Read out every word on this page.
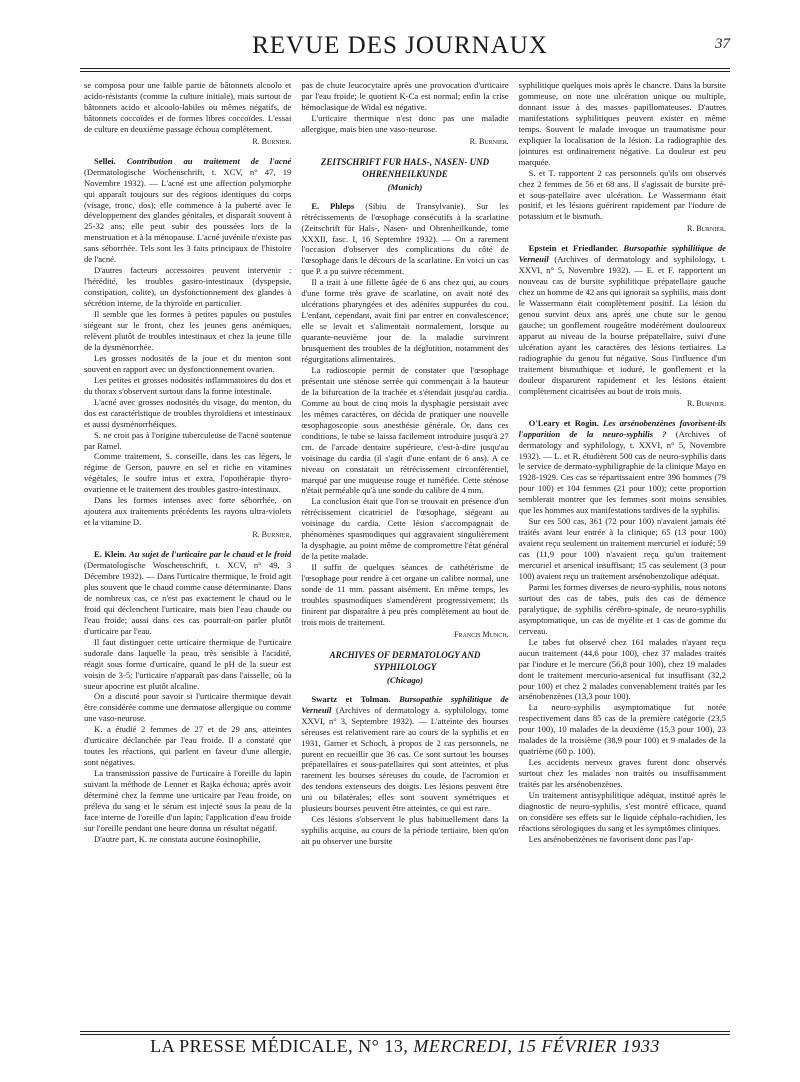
REVUE DES JOURNAUX	37

se composa pour une faible partie de bâtonnets alcoolo et acido-résistants (comme la culture initiale), mais surtout de bâtonnets acido et alcoolo-labiles ou mêmes négatifs, de bâtonnets coccoïdes et de formes libres coccoïdes. L'essai de culture en deuxième passage échoua complètement.

R. Burnier.

Sellei. Contribution au traitement de l'acné (Dermatologische Wochenschrift, t. XCV, n° 47, 19 Novembre 1932). — L'acné est une affection polymorphe qui apparaît toujours sur des régions identiques du corps (visage, tronc, dos); elle commence à la puberté avec le développement des glandes génitales, et disparaît souvent à 25-32 ans; elle peut subir des poussées lors de la menstruation et à la ménopause. L'acné juvénile n'existe pas sans séborrhée. Tels sont les 3 faits principaux de l'histoire de l'acné.

D'autres facteurs accessoires peuvent intervenir : l'hérédité, les troubles gastro-intestinaux (dyspepsie, constipation, colite), un dysfonctionnement des glandes à sécrétion interne, de la thyroïde en particulier.

Il semble que les formes à petites papules ou pustules siégeant sur le front, chez les jeunes gens anémiques, relèvent plutôt de troubles intestinaux et chez la jeune fille de la dysménorrhée.

Les grosses nodosités de la joue et du menton sont souvent en rapport avec un dysfonctionnement ovarien.

Les petites et grosses nodosités inflammatoires du dos et du thorax s'observent surtout dans la forme intestinale.

L'acné avec grosses nodosités du visage, du menton, du dos est caractéristique de troubles thyroïdiens et intestinaux et aussi dysménorrhéiques.

S. ne croit pas à l'origine tuberculeuse de l'acné soutenue par Ramel.

Comme traitement, S. conseille, dans les cas légers, le régime de Gerson, pauvre en sel et riche en vitamines végétales, le soufre intus et extra, l'opothérapie thyro-ovarienne et le traitement des troubles gastro-intestinaux.

Dans les formes intenses avec forte séborrhée, on ajoutera aux traitements précédents les rayons ultra-violets et la vitamine D.

R. Burnier.

E. Klein. Au sujet de l'urticaire par le chaud et le froid (Dermatologische Woschenschrift, t. XCV, n° 49, 3 Décembre 1932). — Dans l'urticaire thermique, le froid agit plus souvent que le chaud comme cause déterminante. Dans de nombreux cas, ce n'est pas exactement le chaud ou le froid qui déclenchent l'urticaire, mais bien l'eau chaude ou l'eau froide; aussi dans ces cas pourrait-on parler plutôt d'urticaire par l'eau.

Il faut distinguer cette urticaire thermique de l'urticaire sudorale dans laquelle la peau, très sensible à l'acidité, réagit sous forme d'urticaire, quand le pH de la sueur est voisin de 3-5; l'urticaire n'apparaît pas dans l'aisselle, où la sueur apocrine est plutôt alcaline.

On a discuté pour savoir si l'urticaire thermique devait être considérée comme une dermatose allergique ou comme une vaso-neurose.

K. a étudié 2 femmes de 27 et de 29 ans, atteintes d'urticaire déclanchée par l'eau froide. Il a constaté que toutes les réactions, qui parlent en faveur d'une allergie, sont négatives.

La transmission passive de l'urticaire à l'oreille du lapin suivant la méthode de Lenner et Rajka échoua; après avoir déterminé chez la femme une urticaire par l'eau froide, on préleva du sang et le sérum est injecté sous la peau de la face interne de l'oreille d'un lapin; l'application d'eau froide sur l'oreille pendant une heure donna un résultat négatif.

D'autre part, K. ne constata aucune éosinophilie,

pas de chute leucocytaire après une provocation d'urticaire par l'eau froide; le quotient K-Ca est normal; enfin la crise hémoclasique de Widal est négative.

L'urticaire thermique n'est donc pas une maladie allergique, mais bien une vaso-neurose.

R. Burnier.

ZEITSCHRIFT FUR HALS-, NASEN- UND OHRENHEILKUNDE

(Munich)

E. Phleps (Sibiu de Transylvanie). Sur les rétrécissements de l'œsophage consécutifs à la scarlatine (Zeitschrift für Hals-, Nasen- und Ohrenheilkunde, tome XXXII, fasc. I, 16 Septembre 1932). — On a rarement l'occasion d'observer des complications du côté de l'œsophage dans le décours de la scarlatine. En voici un cas que P. a pu suivre récemment.

Il a trait à une fillette âgée de 6 ans chez qui, au cours d'une forme très grave de scarlatine, on avait noté des ulcérations pharyngées et des adénites suppurées du cou. L'enfant, cependant, avait fini par entrer en convalescence; elle se levait et s'alimentait normalement, lorsque au quarante-neuvième jour de la maladie survinrent brusquement des troubles de la déglutition, notamment des régurgitations alimentaires.

La radioscopie permit de constater que l'œsophage présentait une sténose serrée qui commençait à la hauteur de la bifurcation de la trachée et s'étendait jusqu'au cardia. Comme au bout de cinq mois la dysphagie persistait avec les mêmes caractères, on décida de pratiquer une nouvelle œsophagoscopie sous anesthésie générale. Or, dans ces conditions, le tube se laissa facilement introduire jusqu'à 27 cm. de l'arcade dentaire supérieure, c'est-à-dire jusqu'au voisinage du cardia (il s'agit d'une enfant de 6 ans). A ce niveau on constatait un rétrécissement circonférentiel, marqué par une muqueuse rouge et tuméfiée. Cette sténose n'était perméable qu'à une sonde du calibre de 4 mm.

La conclusion était que l'on se trouvait en présence d'un rétrécissement cicatriciel de l'œsophage, siégeant au voisinage du cardia. Cette lésion s'accompagnait de phénomènes spasmodiques qui aggravaient singulièrement la dysphagie, au point même de compromettre l'état général de la petite malade.

Il suffit de quelques séances de cathétérisme de l'œsophage pour rendre à cet organe un calibre normal, une sonde de 11 mm. passant aisément. En même temps, les troubles spasmodiques s'amendèrent progressivement; ils finirent par disparaître à peu près complètement au bout de trois mois de traitement.

Francis Munch.

ARCHIVES OF DERMATOLOGY AND SYPHILOLOGY

(Chicago)

Swartz et Tolman. Bursopathie syphilitique de Verneuil (Archives of dermatology a. syphilology, tome XXVI, n° 3, Septembre 1932). — L'atteinte des bourses séreuses est relativement rare au cours de la syphilis et en 1931, Garner et Schoch, à propos de 2 cas personnels, ne purent en recueillir que 36 cas. Ce sont surtout les bourses prépatellaires et sous-patellaires qui sont atteintes, et plus rarement les bourses séreuses du coude, de l'acromion et des tendons extenseurs des doigts. Les lésions peuvent être uni ou bilatérales; elles sont souvent symétriques et plusieurs bourses peuvent être atteintes, ce qui est rare.

Ces lésions s'observent le plus habituellement dans la syphilis acquise, au cours de la période tertiaire, bien qu'on ait pu observer une bursite

syphilitique quelques mois après le chancre. Dans la bursite gommeuse, on note une ulcération unique ou multiple, donnant issue à des masses papillomateuses. D'autres manifestations syphilitiques peuvent exister en même temps. Souvent le malade invoque un traumatisme pour expliquer la localisation de la lésion. La radiographie des jointures est ordinairement négative. La douleur est peu marquée.

S. et T. rapportent 2 cas personnels qu'ils ont observés chez 2 femmes de 56 et 68 ans. Il s'agissait de bursite pré- et sous-patellaire avec ulcération. Le Wassermann était positif, et les lésions guérirent rapidement par l'iodure de potassium et le bismuth.

R. Burnier.

Epstein et Friedlander. Bursopathie syphilitique de Verneuil (Archives of dermatology and syphilology, t. XXVI, n° 5, Novembre 1932). — E. et F. rapportent un nouveau cas de bursite syphilitique prépatellaire gauche chez un homme de 42 ans qui ignorait sa syphilis, mais dont le Wassermann était complètement positif. La lésion du genou survint deux ans après une chute sur le genou gauche; un gonflement rougeâtre modérément douloureux apparut au niveau de la bourse prépatellaire, suivi d'une ulcération ayant les caractères des lésions tertiaires. La radiographie du genou fut négative. Sous l'influence d'un traitement bismuthique et ioduré, le gonflement et la douleur disparurent rapidement et les lésions étaient complètement cicatrisées au bout de trois mois.

R. Burnier.

O'Leary et Rogin. Les arsénobenzènes favorisent-ils l'apparition de la neuro-syphilis ? (Archives of dermatology and syphilology, t. XXVI, n° 5, Novembre 1932). — L. et R. étudièrent 500 cas de neuro-syphilis dans le service de dermato-syphiligraphie de la clinique Mayo en 1928-1929. Ces cas se répartissaient entre 396 hommes (79 pour 100) et 104 femmes (21 pour 100); cette proportion semblerait montrer que les femmes sont moins sensibles que les hommes aux manifestations tardives de la syphilis.

Sur ces 500 cas, 361 (72 pour 100) n'avaient jamais été traités avant leur entrée à la clinique; 65 (13 pour 100) avaient reçu seulement un traitement mercuriel et ioduré; 59 cas (11,9 pour 100) n'avaient reçu qu'un traitement mercuriel et arsenical insuffisant; 15 cas seulement (3 pour 100) avaient reçu un traitement arsénobenzolique adéquat.

Parmi les formes diverses de neuro-syphilis, nous notons surtout des cas de tabes, puis des cas de démence paralytique, de syphilis cérébro-spinale, de neuro-syphilis asymptomatique, un cas de myélite et 1 cas de gomme du cerveau.

Le tabes fut observé chez 161 malades n'ayant reçu aucun traitement (44,6 pour 100), chez 37 malades traités par l'iodure et le mercure (56,8 pour 100), chez 19 malades dont le traitement mercurio-arsenical fut insuffisant (32,2 pour 100) et chez 2 malades convenablement traités par les arsénobenzènes (13,3 pour 100).

La neuro-syphilis asymptomatique fut notée respectivement dans 85 cas de la première catégorie (23,5 pour 100), 10 malades de la deuxième (15,3 pour 100), 23 malades de la troisième (38,9 pour 100) et 9 malades de la quatrième (60 p. 100).

Les accidents nerveux graves furent donc observés surtout chez les malades non traités ou insuffisamment traités par les arsénobenzènes.

Un traitement antisyphilitique adéquat, institué après le diagnostic de neuro-syphilis, s'est montré efficace, quand on considère ses effets sur le liquide céphalo-rachidien, les réactions sérologiques du sang et les symptômes cliniques.

Les arsénobenzènes ne favorisent donc pas l'ap-

LA PRESSE MÉDICALE, N° 13, MERCREDI, 15 FÉVRIER 1933
